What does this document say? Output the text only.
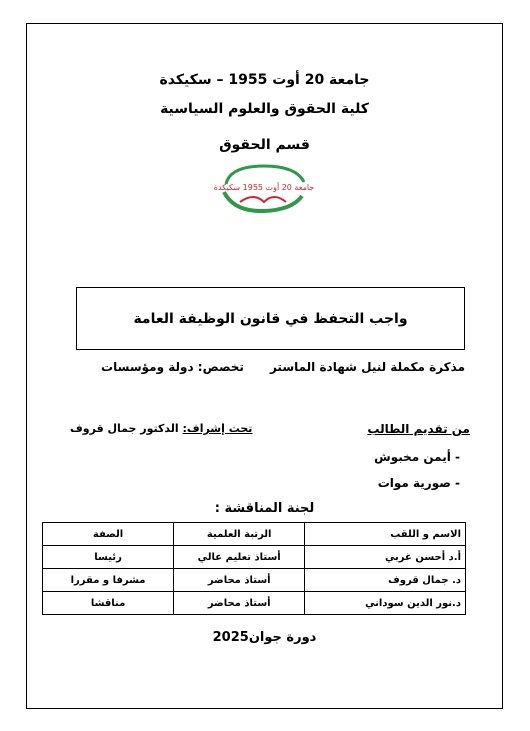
جامعة 20 أوت 1955 – سكيكدة
كلية الحقوق والعلوم السياسية
قسم الحقوق
جامعة 20 أوت 1955 سكيكدة
واجب التحفظ في قانون الوظيفة العامة
مذكرة مكملة لنيل شهادة الماسترتخصص: دولة ومؤسسات
من تقديم الطالب
تحت إشراف: الدكتور جمال قروف
- أيمن مخبوش
- صورية موات
لجنة المناقشة :
الاسم و اللقب	الرتبة العلمية	الصفة
أ.د أحسن غربي	أستاذ تعليم عالي	رئيسا
د. جمال قروف	أستاذ محاضر	مشرفا و مقررا
د.نور الدين سوداني	أستاذ محاضر	مناقشا
دورة جوان2025
